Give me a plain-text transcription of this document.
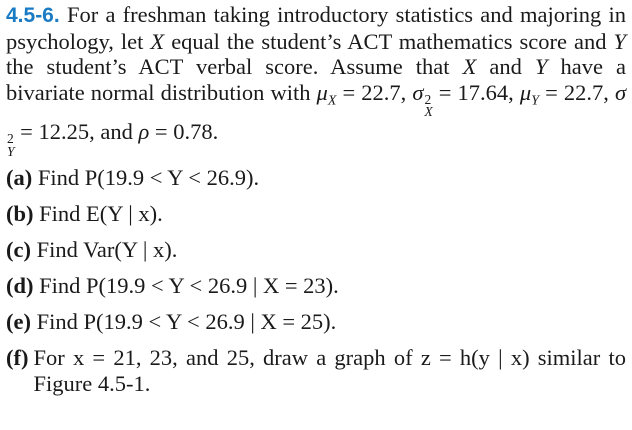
4.5-6. For a freshman taking introductory statistics and majoring in psychology, let X equal the student’s ACT mathematics score and Y the student’s ACT verbal score. Assume that X and Y have a bivariate normal distribution with $\mu_X = 22.7$, σ 2
X
= 17.64, $\mu_Y = 22.7$, σ
2
Y
= 12.25, and ρ = 0.78.

(a) Find P(19.9 < Y < 26.9).
(b) Find E(Y | x).
(c) Find Var(Y | x).
(d) Find P(19.9 < Y < 26.9 | X = 23).
(e) Find P(19.9 < Y < 26.9 | X = 25).
(f) For x = 21, 23, and 25, draw a graph of z = h(y | x) similar to Figure 4.5-1.
